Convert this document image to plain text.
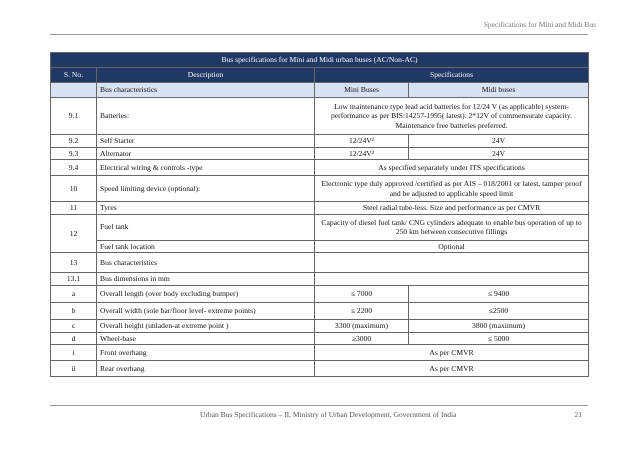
Specifications for Mini and Midi Bus
Bus specifications for Mini and Midi urban buses (AC/Non-AC)			
S. No.	Description	Specifications	
	Bus characteristics	Mini Buses	Midi buses
9.1	Batteries:	Low maintenance type lead acid batteries for 12/24 V (as applicable) system- performance as per BIS:14257-1995( latest). 2*12V of commensurate capacity. Maintenance free batteries preferred.	
9.2	Self Starter	12/24V²	24V
9.3	Alternator	12/24V²	24V
9.4	Electrical wiring & controls -type	As specified separately under ITS specifications	
10	Speed limiting device (optional):	Electronic type duly approved /certified as per AIS – 018/2001 or latest, tamper proof and be adjusted to applicable speed limit	
11	Tyres	Steel radial tube-less. Size and performance as per CMVR	
12	Fuel tank	Capacity of diesel fuel tank/ CNG cylinders adequate to enable bus operation of up to 250 km between consecutive fillings	
	Fuel tank location	Optional	
13	Bus characteristics		
13.1	Bus dimensions in mm		
a	Overall length (over body excluding bumper)	≤ 7000	≤ 9400
b	Overall width (sole bar/floor level- extreme points)	≤ 2200	≤2500
c	Overall height (unladen-at extreme point )	3300 (maximum)	3800 (maximum)
d	Wheel-base	≥3000	≤ 5000
i	Front overhang	As per CMVR	
ii	Rear overhang	As per CMVR	
Urban Bus Specifications – II, Ministry of Urban Development, Government of India	21
